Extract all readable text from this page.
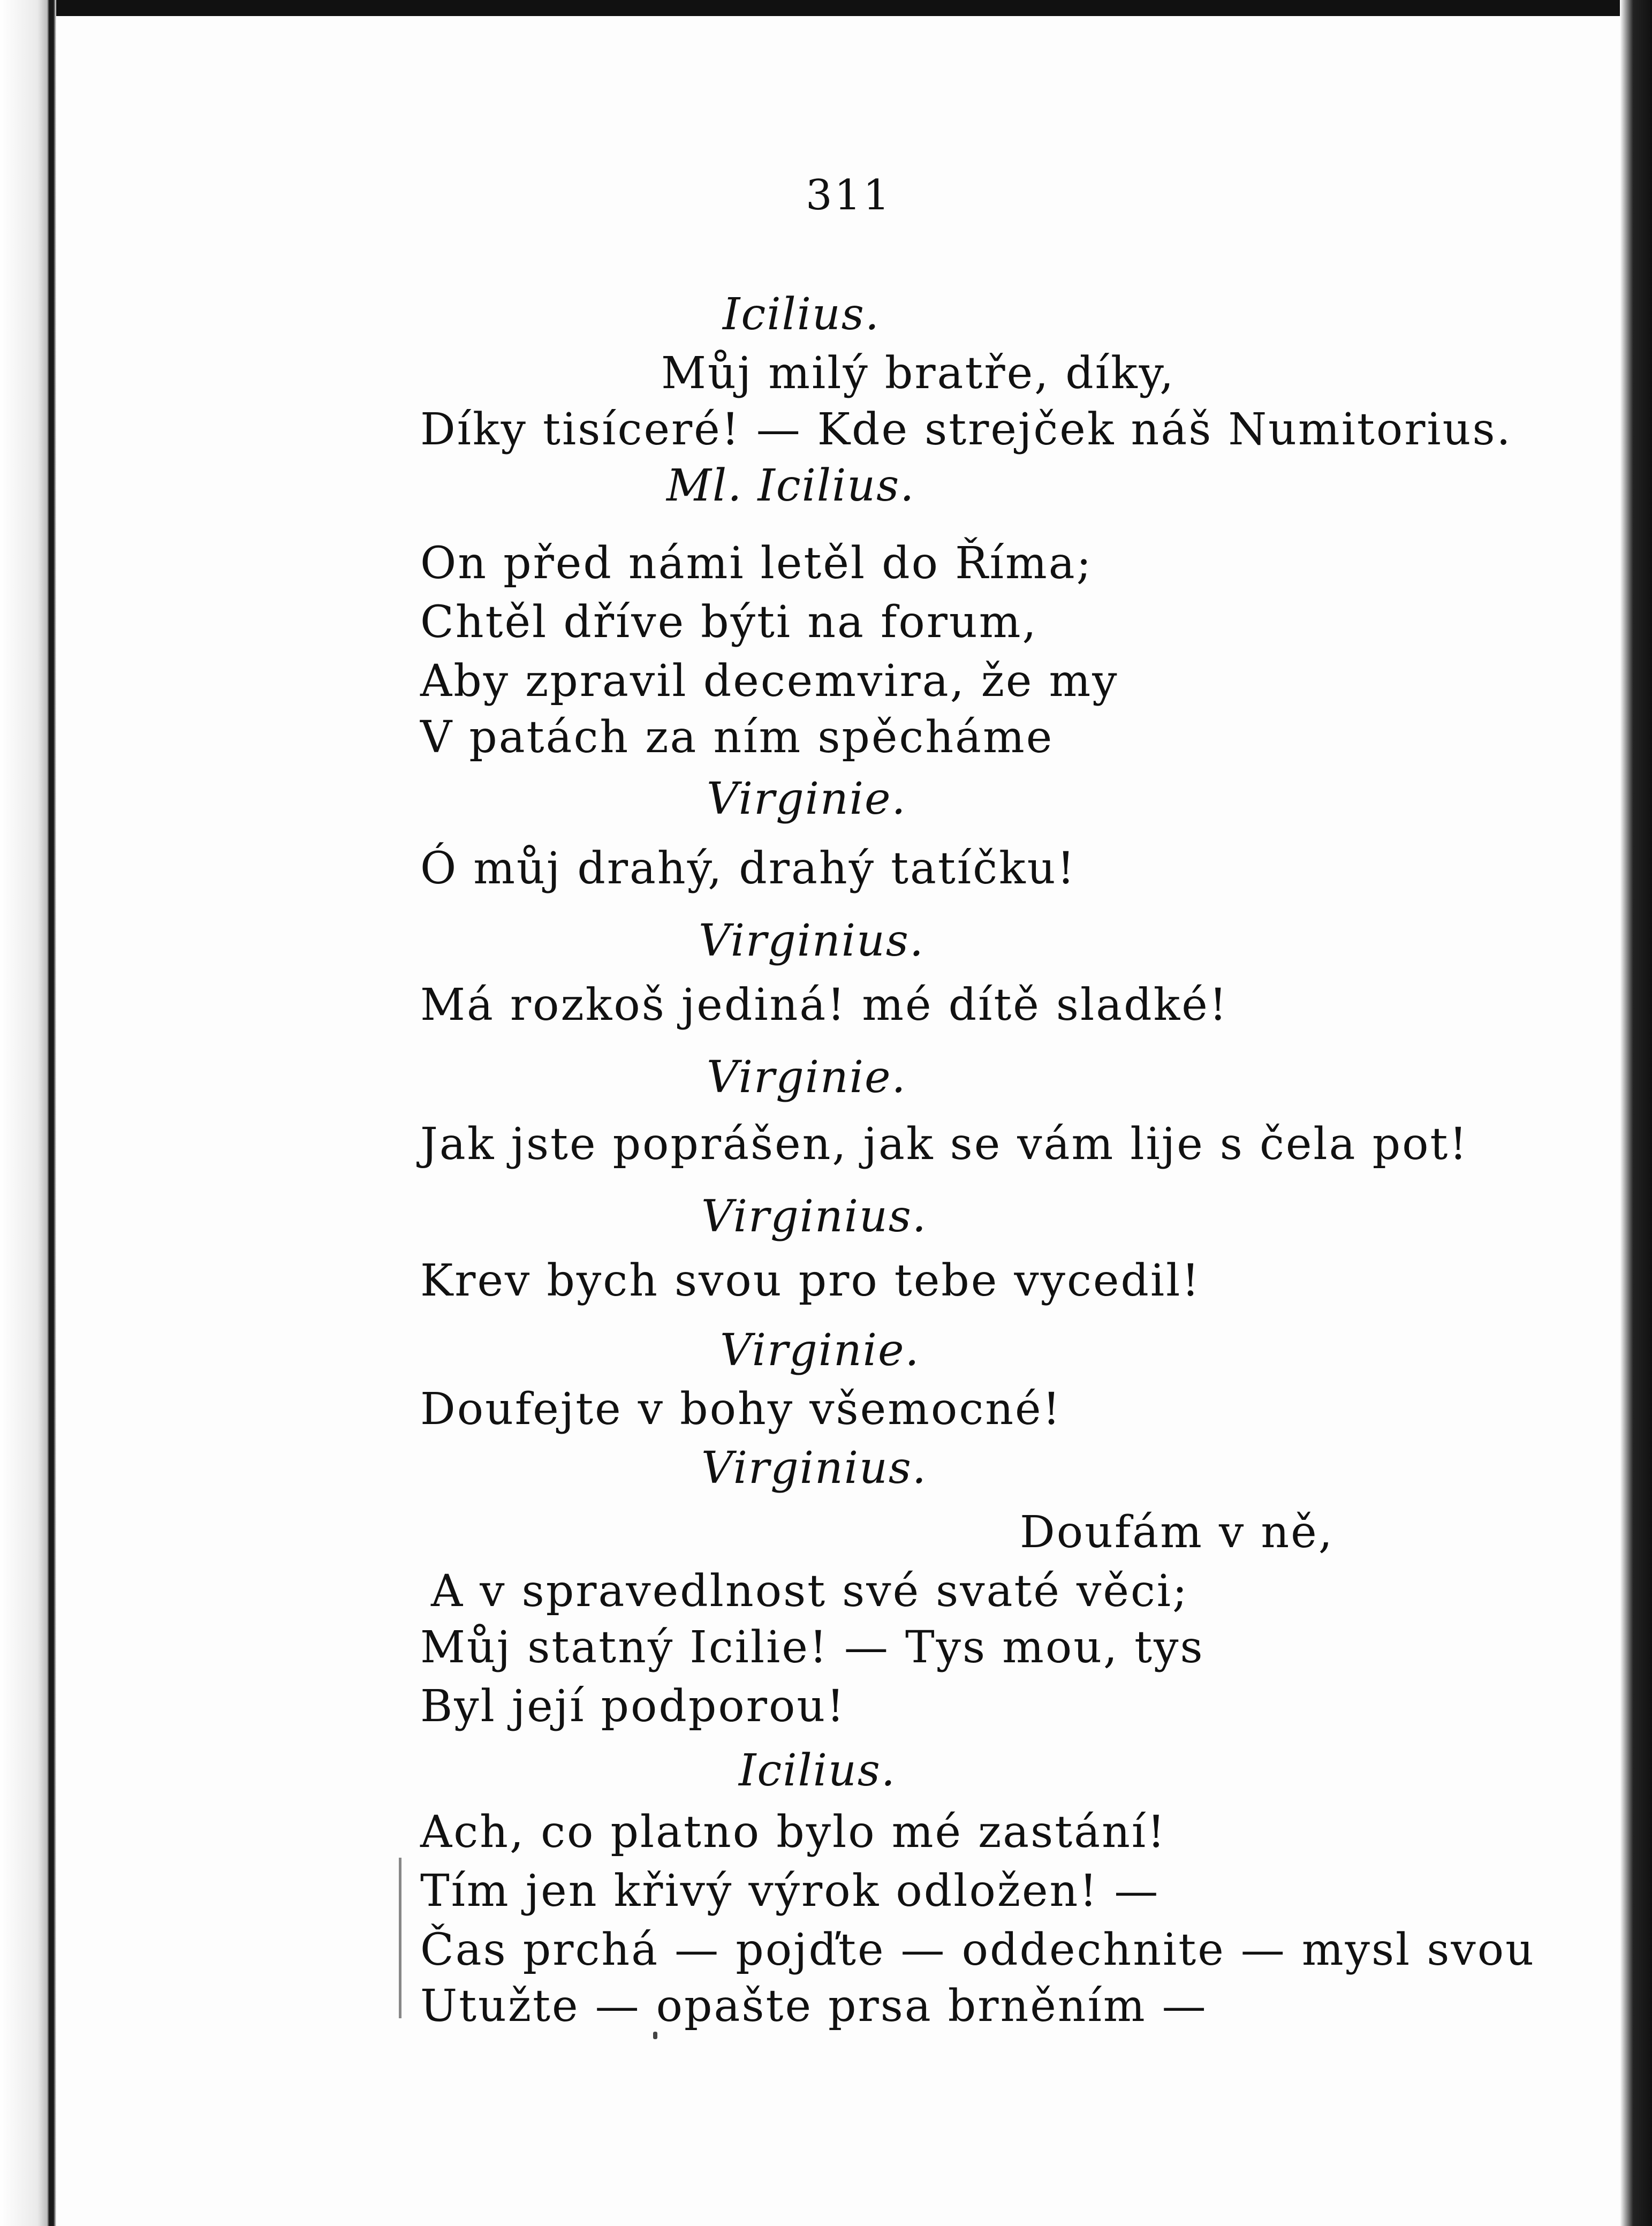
311
Icilius.
Můj milý bratře, díky,
Díky tisíceré! — Kde strejček náš Numitorius.
Ml. Icilius.
On před námi letěl do Říma;
Chtěl dříve býti na forum,
Aby zpravil decemvira, že my
V patách za ním spěcháme
Virginie.
Ó můj drahý, drahý tatíčku!
Virginius.
Má rozkoš jediná! mé dítě sladké!
Virginie.
Jak jste poprášen, jak se vám lije s čela pot!
Virginius.
Krev bych svou pro tebe vycedil!
Virginie.
Doufejte v bohy všemocné!
Virginius.
Doufám v ně,
A v spravedlnost své svaté věci;
Můj statný Icilie! — Tys mou, tys
Byl její podporou!
Icilius.
Ach, co platno bylo mé zastání!
Tím jen křivý výrok odložen! —
Čas prchá — pojďte — oddechnite — mysl svou
Utužte — opašte prsa brněním —
